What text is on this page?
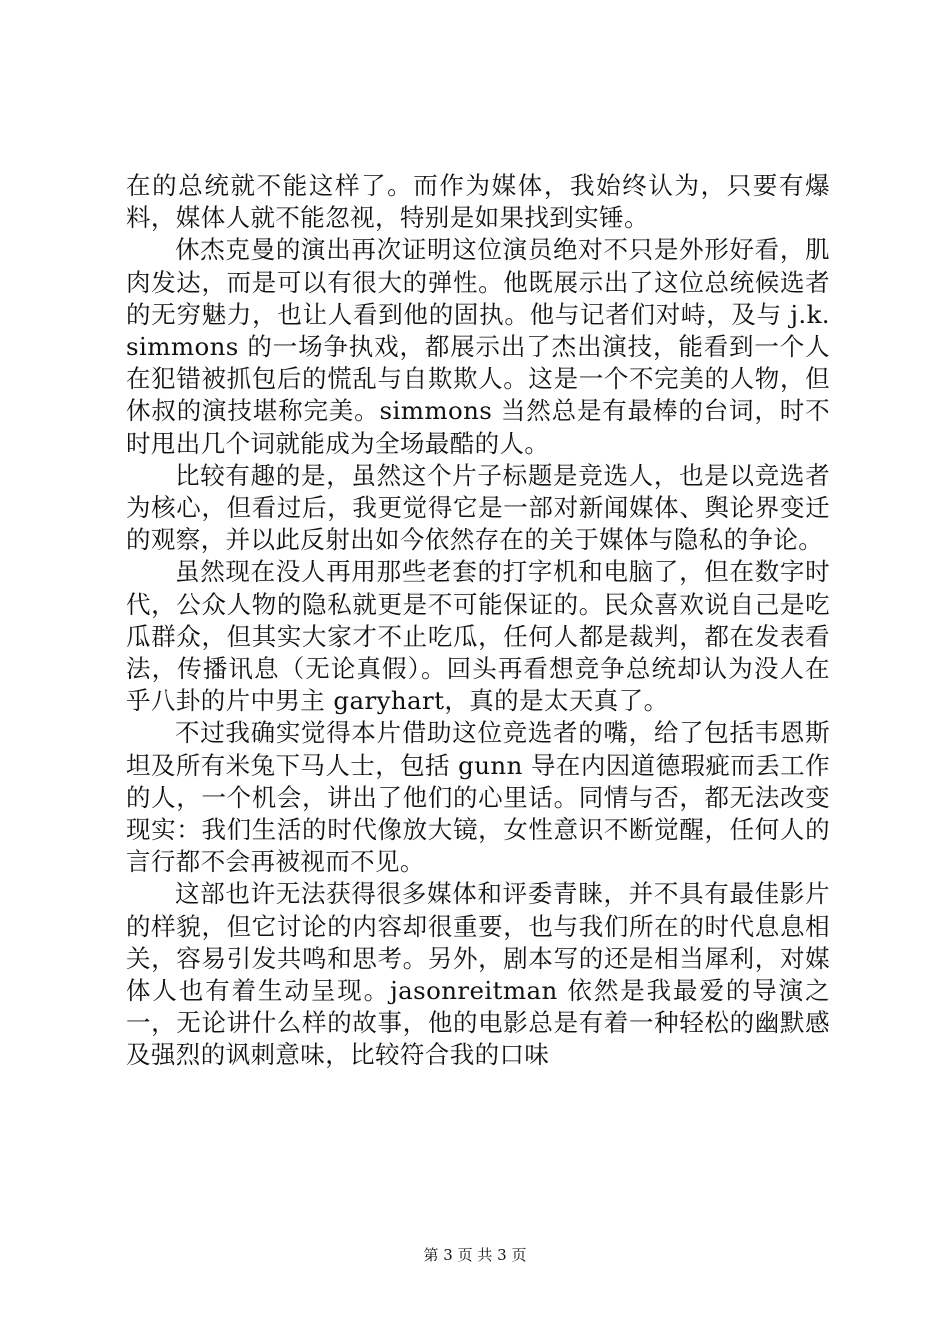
在的总统就不能这样了。而作为媒体，我始终认为，只要有爆料，媒体人就不能忽视，特别是如果找到实锤。

休杰克曼的演出再次证明这位演员绝对不只是外形好看，肌肉发达，而是可以有很大的弹性。他既展示出了这位总统候选者的无穷魅力，也让人看到他的固执。他与记者们对峙，及与 j.k.simmons 的一场争执戏，都展示出了杰出演技，能看到一个人在犯错被抓包后的慌乱与自欺欺人。这是一个不完美的人物，但休叔的演技堪称完美。simmons 当然总是有最棒的台词，时不时甩出几个词就能成为全场最酷的人。

比较有趣的是，虽然这个片子标题是竞选人，也是以竞选者为核心，但看过后，我更觉得它是一部对新闻媒体、舆论界变迁的观察，并以此反射出如今依然存在的关于媒体与隐私的争论。

虽然现在没人再用那些老套的打字机和电脑了，但在数字时代，公众人物的隐私就更是不可能保证的。民众喜欢说自己是吃瓜群众，但其实大家才不止吃瓜，任何人都是裁判，都在发表看法，传播讯息（无论真假）。回头再看想竞争总统却认为没人在乎八卦的片中男主 garyhart，真的是太天真了。

不过我确实觉得本片借助这位竞选者的嘴，给了包括韦恩斯坦及所有米兔下马人士，包括 gunn 导在内因道德瑕疵而丢工作的人，一个机会，讲出了他们的心里话。同情与否，都无法改变现实：我们生活的时代像放大镜，女性意识不断觉醒，任何人的言行都不会再被视而不见。

这部也许无法获得很多媒体和评委青睐，并不具有最佳影片的样貌，但它讨论的内容却很重要，也与我们所在的时代息息相关，容易引发共鸣和思考。另外，剧本写的还是相当犀利，对媒体人也有着生动呈现。jasonreitman 依然是我最爱的导演之一，无论讲什么样的故事，他的电影总是有着一种轻松的幽默感及强烈的讽刺意味，比较符合我的口味

第 3 页 共 3 页
